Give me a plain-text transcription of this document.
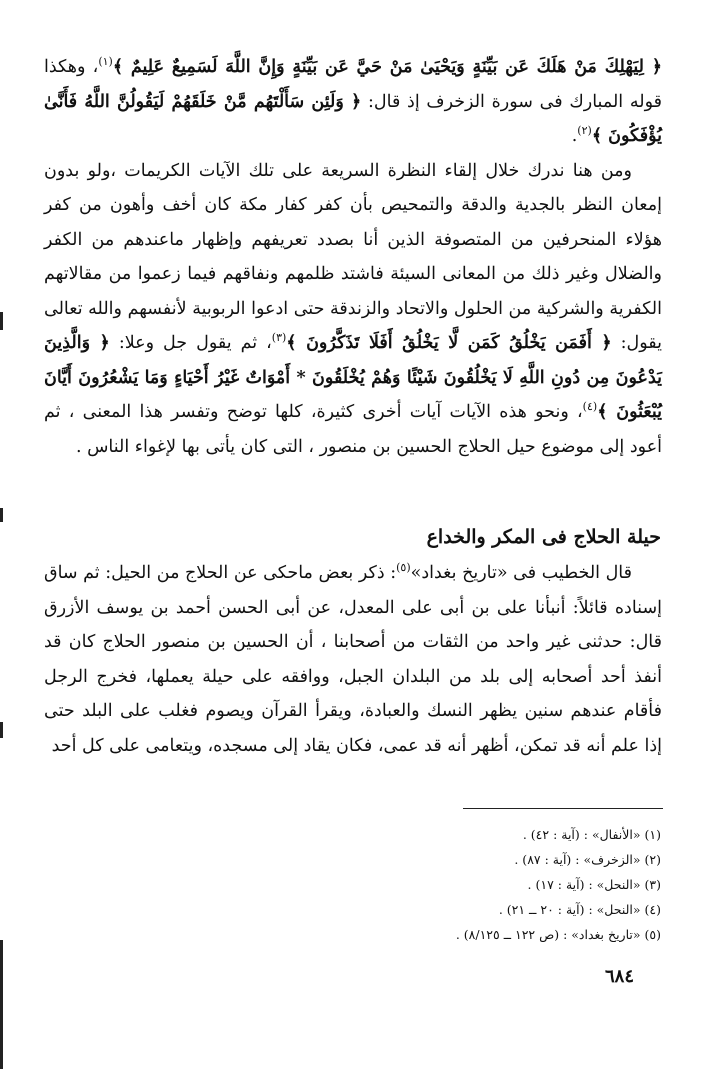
﴿ لِيَهْلِكَ مَنْ هَلَكَ عَن بَيِّنَةٍ وَيَحْيَىٰ مَنْ حَيَّ عَن بَيِّنَةٍ وَإِنَّ اللَّهَ لَسَمِيعٌ عَلِيمٌ ﴾$^{(١)}$، وهكذا قوله المبارك فى سورة الزخرف إذ قال: ﴿ وَلَئِن سَأَلْتَهُم مَّنْ خَلَقَهُمْ لَيَقُولُنَّ اللَّهُ فَأَنَّىٰ يُؤْفَكُونَ ﴾$^{(٢)}$.

ومن هنا ندرك خلال إلقاء النظرة السريعة على تلك الآيات الكريمات ،ولو بدون إمعان النظر بالجدية والدقة والتمحيص بأن كفر كفار مكة كان أخف وأهون من كفر هؤلاء المنحرفين من المتصوفة الذين أنا بصدد تعريفهم وإظهار ماعندهم من الكفر والضلال وغير ذلك من المعانى السيئة فاشتد ظلمهم ونفاقهم فيما زعموا من مقالاتهم الكفرية والشركية من الحلول والاتحاد والزندقة حتى ادعوا الربوبية لأنفسهم والله تعالى يقول: ﴿ أَفَمَن يَخْلُقُ كَمَن لَّا يَخْلُقُ أَفَلَا تَذَكَّرُونَ ﴾$^{(٣)}$، ثم يقول جل وعلا: ﴿ وَالَّذِينَ يَدْعُونَ مِن دُونِ اللَّهِ لَا يَخْلُقُونَ شَيْئًا وَهُمْ يُخْلَقُونَ * أَمْوَاتٌ غَيْرُ أَحْيَاءٍ وَمَا يَشْعُرُونَ أَيَّانَ يُبْعَثُونَ ﴾$^{(٤)}$، ونحو هذه الآيات آيات أخرى كثيرة، كلها توضح وتفسر هذا المعنى ، ثم أعود إلى موضوع حيل الحلاج الحسين بن منصور ، التى كان يأتى بها لإغواء الناس .

حيلة الحلاج فى المكر والخداع

قال الخطيب فى «تاريخ بغداد»$^{(٥)}$: ذكر بعض ماحكى عن الحلاج من الحيل: ثم ساق إسناده قائلاً: أنبأنا على بن أبى على المعدل، عن أبى الحسن أحمد بن يوسف الأزرق قال: حدثنى غير واحد من الثقات من أصحابنا ، أن الحسين بن منصور الحلاج كان قد أنفذ أحد أصحابه إلى بلد من البلدان الجبل، ووافقه على حيلة يعملها، فخرج الرجل فأقام عندهم سنين يظهر النسك والعبادة، ويقرأ القرآن ويصوم فغلب على البلد حتى إذا علم أنه قد تمكن، أظهر أنه قد عمى، فكان يقاد إلى مسجده، ويتعامى على كل أحد

(١) «الأنفال» : (آية : ٤٢) .
(٢) «الزخرف» : (آية : ٨٧) .
(٣) «النحل» : (آية : ١٧) .
(٤) «النحل» : (آية : ٢٠ ــ ٢١) .
(٥) «تاريخ بغداد» : (ص ١٢٢ ــ ٨/١٢٥) .
٦٨٤
